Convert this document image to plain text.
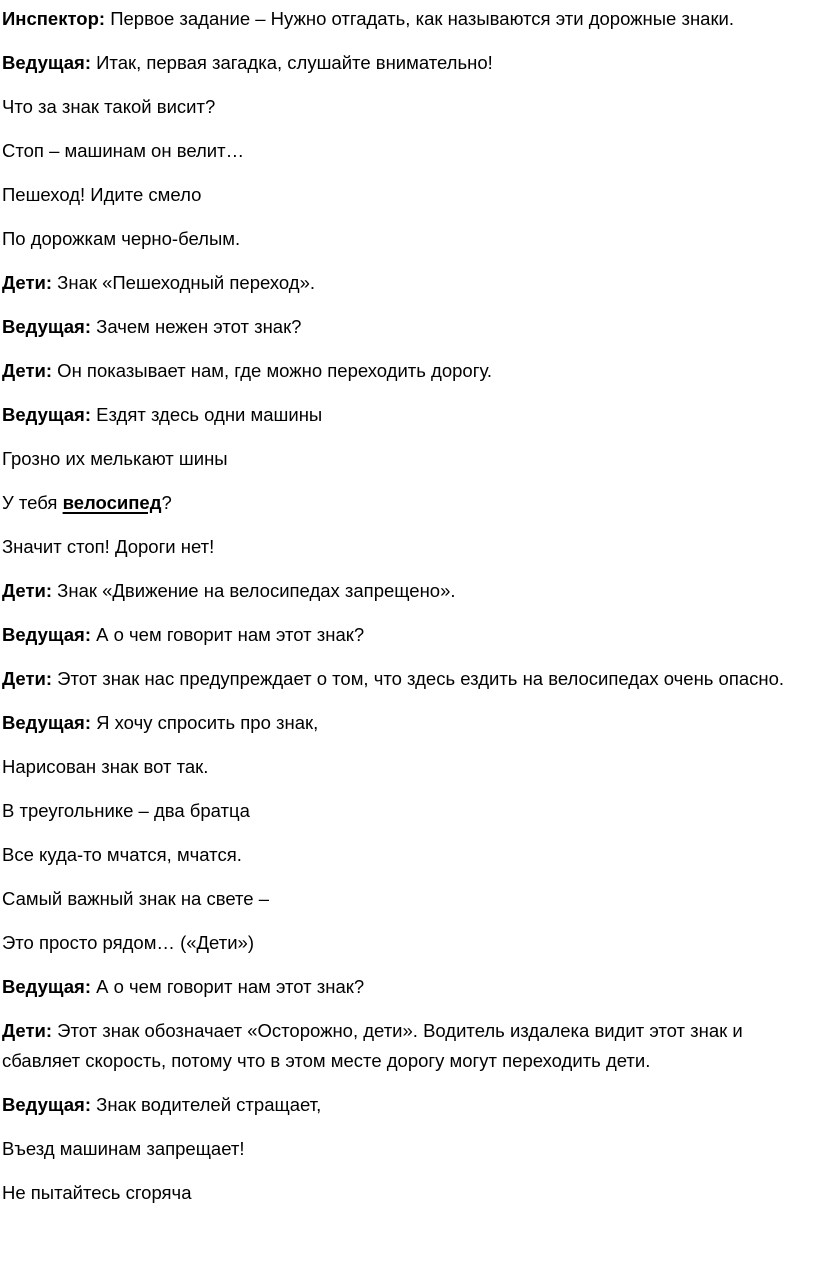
Инспектор: Первое задание – Нужно отгадать, как называются эти дорожные знаки.

Ведущая: Итак, первая загадка, слушайте внимательно!

Что за знак такой висит?

Стоп – машинам он велит…

Пешеход! Идите смело

По дорожкам черно-белым.

Дети: Знак «Пешеходный переход».

Ведущая: Зачем нежен этот знак?

Дети: Он показывает нам, где можно переходить дорогу.

Ведущая: Ездят здесь одни машины

Грозно их мелькают шины

У тебя велосипед?

Значит стоп! Дороги нет!

Дети: Знак «Движение на велосипедах запрещено».

Ведущая: А о чем говорит нам этот знак?

Дети: Этот знак нас предупреждает о том, что здесь ездить на велосипедах очень опасно.

Ведущая: Я хочу спросить про знак,

Нарисован знак вот так.

В треугольнике – два братца

Все куда-то мчатся, мчатся.

Самый важный знак на свете –

Это просто рядом… («Дети»)

Ведущая: А о чем говорит нам этот знак?

Дети: Этот знак обозначает «Осторожно, дети». Водитель издалека видит этот знак и сбавляет скорость, потому что в этом месте дорогу могут переходить дети.

Ведущая: Знак водителей стращает,

Въезд машинам запрещает!

Не пытайтесь сгоряча
